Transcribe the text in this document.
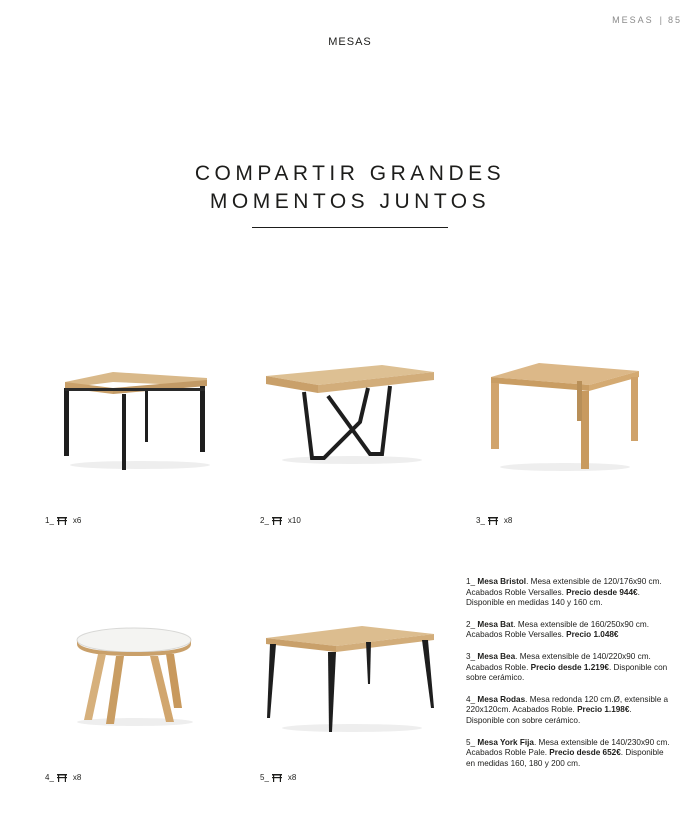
MESAS | 85
MESAS
COMPARTIR GRANDES
MOMENTOS JUNTOS
1_ x6	2_ x10	3_ x8
4_ x8	5_ x8

1_ Mesa Bristol. Mesa extensible de 120/176x90 cm. Acabados Roble Versalles. Precio desde 944€. Disponible en medidas 140 y 160 cm.

2_ Mesa Bat. Mesa extensible de 160/250x90 cm. Acabados Roble Versalles. Precio 1.048€

3_ Mesa Bea. Mesa extensible de 140/220x90 cm. Acabados Roble. Precio desde 1.219€. Disponible con sobre cerámico.

4_ Mesa Rodas. Mesa redonda 120 cm.Ø, extensible a 220x120cm. Acabados Roble. Precio 1.198€. Disponible con sobre cerámico.

5_ Mesa York Fija. Mesa extensible de 140/230x90 cm. Acabados Roble Pale. Precio desde 652€. Disponible en medidas 160, 180 y 200 cm.
